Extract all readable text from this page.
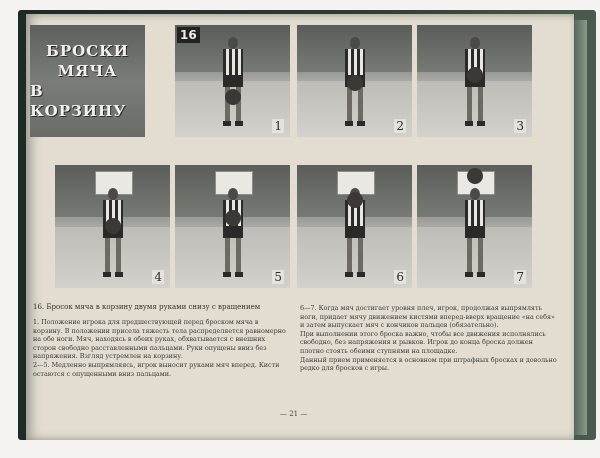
БРОСКИ
МЯЧА
В КОРЗИНУ
16
1	2	3
4	5	6	7
16. Бросок мяча в корзину двумя руками снизу с вращением

1. Положение игрока для предшествующей перед броском мяча в корзину. В положении присела тяжесть тела распределяется равномерно на обе ноги. Мяч, находясь в обеих руках, обхватывается с внешних сторон свободно расставленными пальцами. Руки опущены вниз без напряжения. Взгляд устремлен на корзину.

2—5. Медленно выпрямляясь, игрок выносит руками мяч вперед. Кисти остаются с опущенными вниз пальцами.

6—7. Когда мяч достигает уровня плеч, игрок, продолжая выпрямлять ноги, придает мячу движением кистями вперед-вверх вращение «на себя» и затем выпускает мяч с кончиков пальцев (обязательно).

При выполнении этого броска важно, чтобы все движения исполнялись свободно, без напряжения и рывков. Игрок до конца броска должен плотно стоять обеими ступнями на площадке.

Данный прием применяется в основном при штрафных бросках и довольно редко для бросков с игры.

— 21 —
